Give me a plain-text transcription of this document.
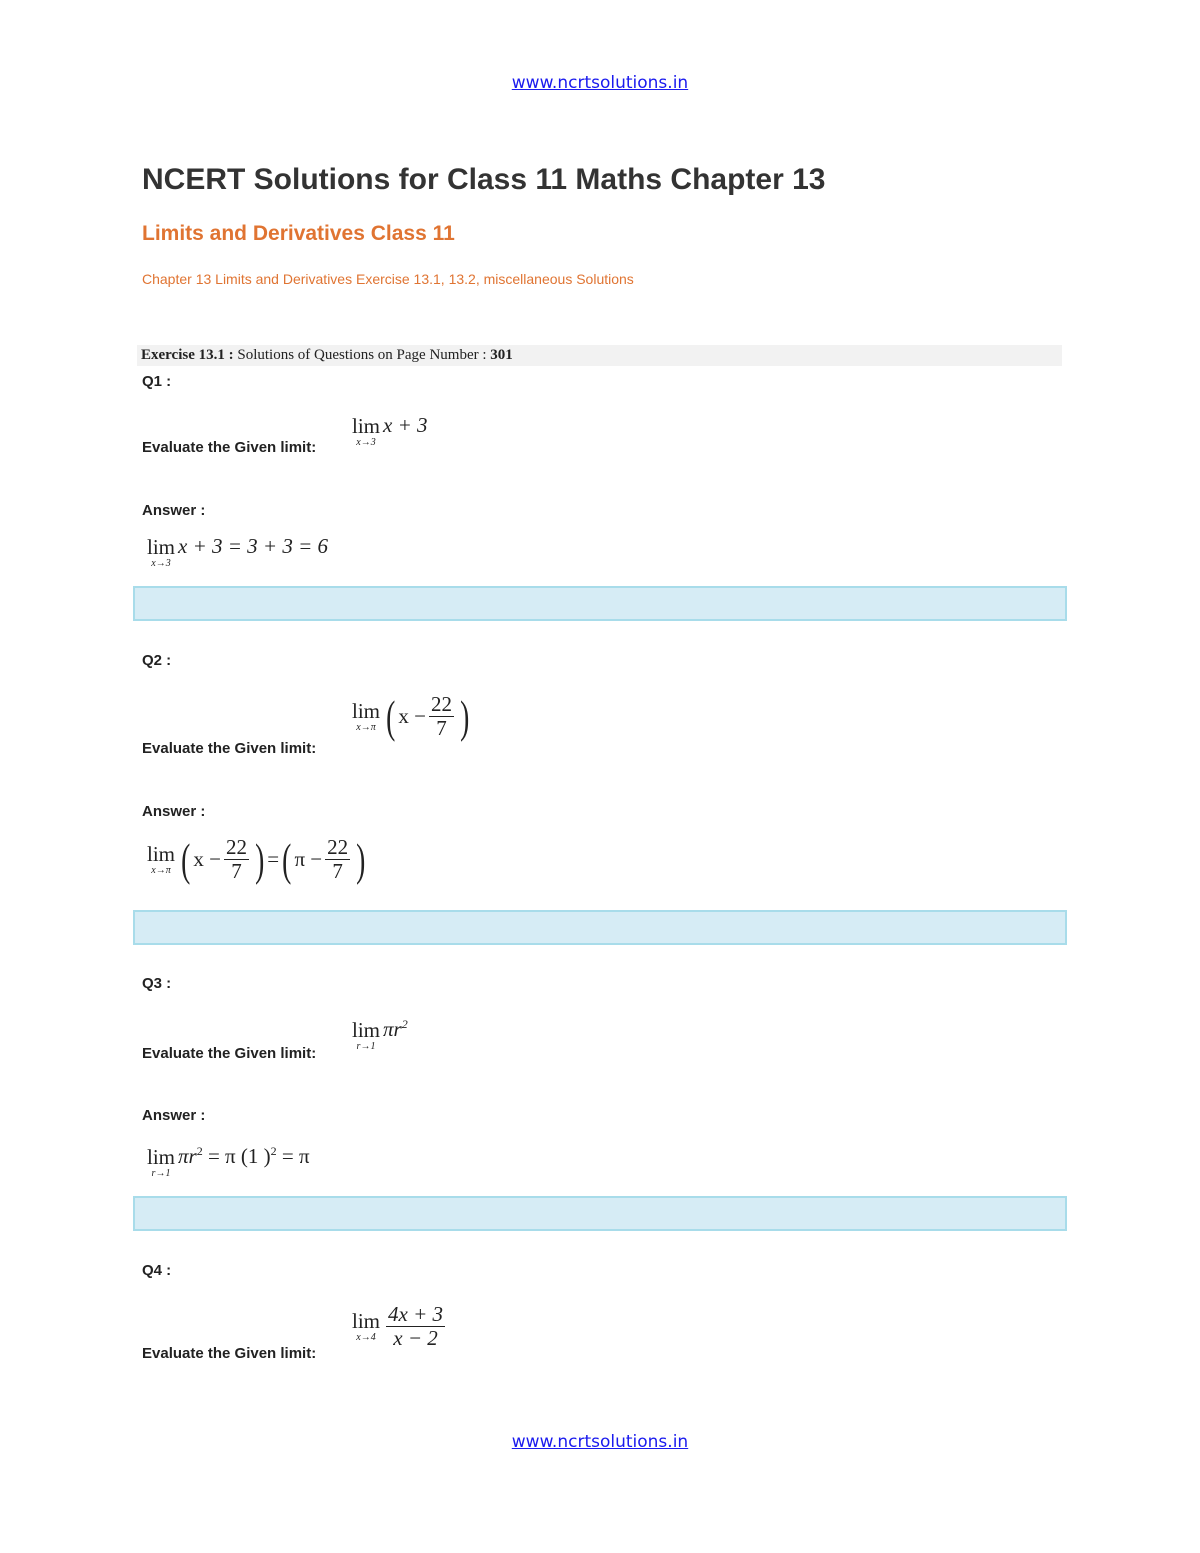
www.ncrtsolutions.in
NCERT Solutions for Class 11 Maths Chapter 13
Limits and Derivatives Class 11
Chapter 13 Limits and Derivatives Exercise 13.1, 13.2, miscellaneous Solutions
Exercise 13.1 : Solutions of Questions on Page Number : 301
Q1 :
Evaluate the Given limit:
lim
x→3
x + 3
Answer :
lim
x→3
x + 3 = 3 + 3 = 6
Q2 :
Evaluate the Given limit:
lim
x→π ( $x - \frac{22}{7}$ )
Answer :
lim
x→π ( $x - \frac{22}{7}$ ) = ( $\pi - \frac{22}{7}$ )
Q3 :
Evaluate the Given limit:
lim
r→1
$\pi r^2$
Answer :
lim
r→1
$\pi r^2 = \pi$ (1 )$^2$ = π
Q4 :
Evaluate the Given limit:
lim
$x\to 4 \frac{4x + 3}{x - 2}$
www.ncrtsolutions.in
